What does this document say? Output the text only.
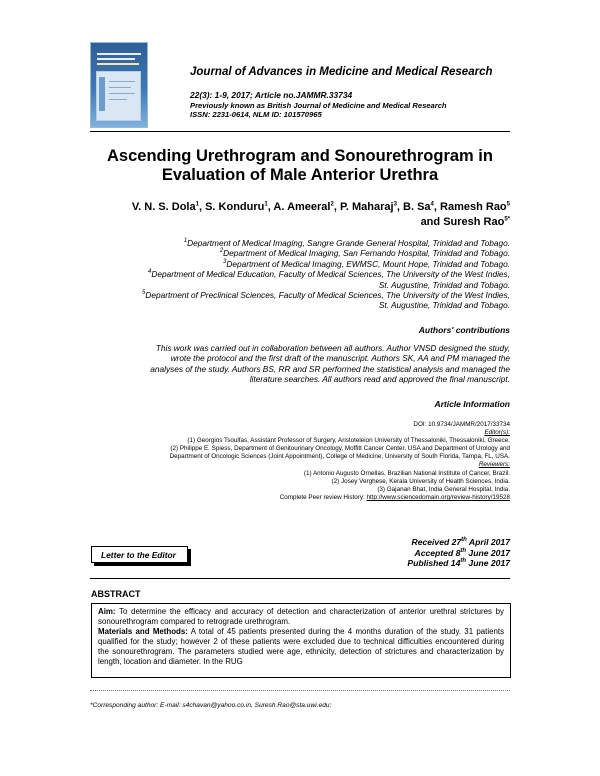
Journal of Advances in Medicine and Medical Research
22(3): 1-9, 2017; Article no.JAMMR.33734
Previously known as British Journal of Medicine and Medical Research
ISSN: 2231-0614, NLM ID: 101570965
Ascending Urethrogram and Sonourethrogram in
Evaluation of Male Anterior Urethra
V. N. S. Dola$^1$, S. Konduru$^1$, A. Ameeral$^2$, P. Maharaj$^3$, B. Sa$^4$, Ramesh Rao$^5$
and Suresh Rao$^{5*}$
$^1$Department of Medical Imaging, Sangre Grande General Hospital, Trinidad and Tobago.
$^2$Department of Medical Imaging, San Fernando Hospital, Trinidad and Tobago.
$^3$Department of Medical Imaging, EWMSC, Mount Hope, Trinidad and Tobago.
$^4$Department of Medical Education, Faculty of Medical Sciences, The University of the West Indies,
St. Augustine, Trinidad and Tobago.
$^5$Department of Preclinical Sciences, Faculty of Medical Sciences, The University of the West Indies,
St. Augustine, Trinidad and Tobago.
Authors' contributions
This work was carried out in collaboration between all authors. Author VNSD designed the study,
wrote the protocol and the first draft of the manuscript. Authors SK, AA and PM managed the
analyses of the study. Authors BS, RR and SR performed the statistical analysis and managed the
literature searches. All authors read and approved the final manuscript.
Article Information
DOI: 10.9734/JAMMR/2017/33734
Editor(s):
(1) Georgios Tsoulfas, Assistant Professor of Surgery, Aristoteleion University of Thessaloniki, Thessaloniki, Greece.
(2) Philippe E. Spiess, Department of Genitourinary Oncology, Moffitt Cancer Center, USA and Department of Urology and
Department of Oncologic Sciences (Joint Appointment), College of Medicine, University of South Florida, Tampa, FL, USA.
Reviewers:
(1) Antonio Augusto Ornellas, Brazilian National Institute of Cancer, Brazil.
(2) Josey Verghese, Kerala University of Health Sciences, India.
(3) Gajanan Bhat, India General Hospital, India.
Complete Peer review History: http://www.sciencedomain.org/review-history/19528
Letter to the Editor
Received 27th April 2017
Accepted 8th June 2017
Published 14th June 2017
ABSTRACT
Aim: To determine the efficacy and accuracy of detection and characterization of anterior urethral strictures by sonourethrogram compared to retrograde urethrogram.
Materials and Methods: A total of 45 patients presented during the 4 months duration of the study. 31 patients qualified for the study; however 2 of these patients were excluded due to technical difficulties encountered during the sonourethrogram. The parameters studied were age, ethnicity, detection of strictures and characterization by length, location and diameter. In the RUG
*Corresponding author: E-mail: s4chavan@yahoo.co.in, Suresh.Rao@sta.uwi.edu;
